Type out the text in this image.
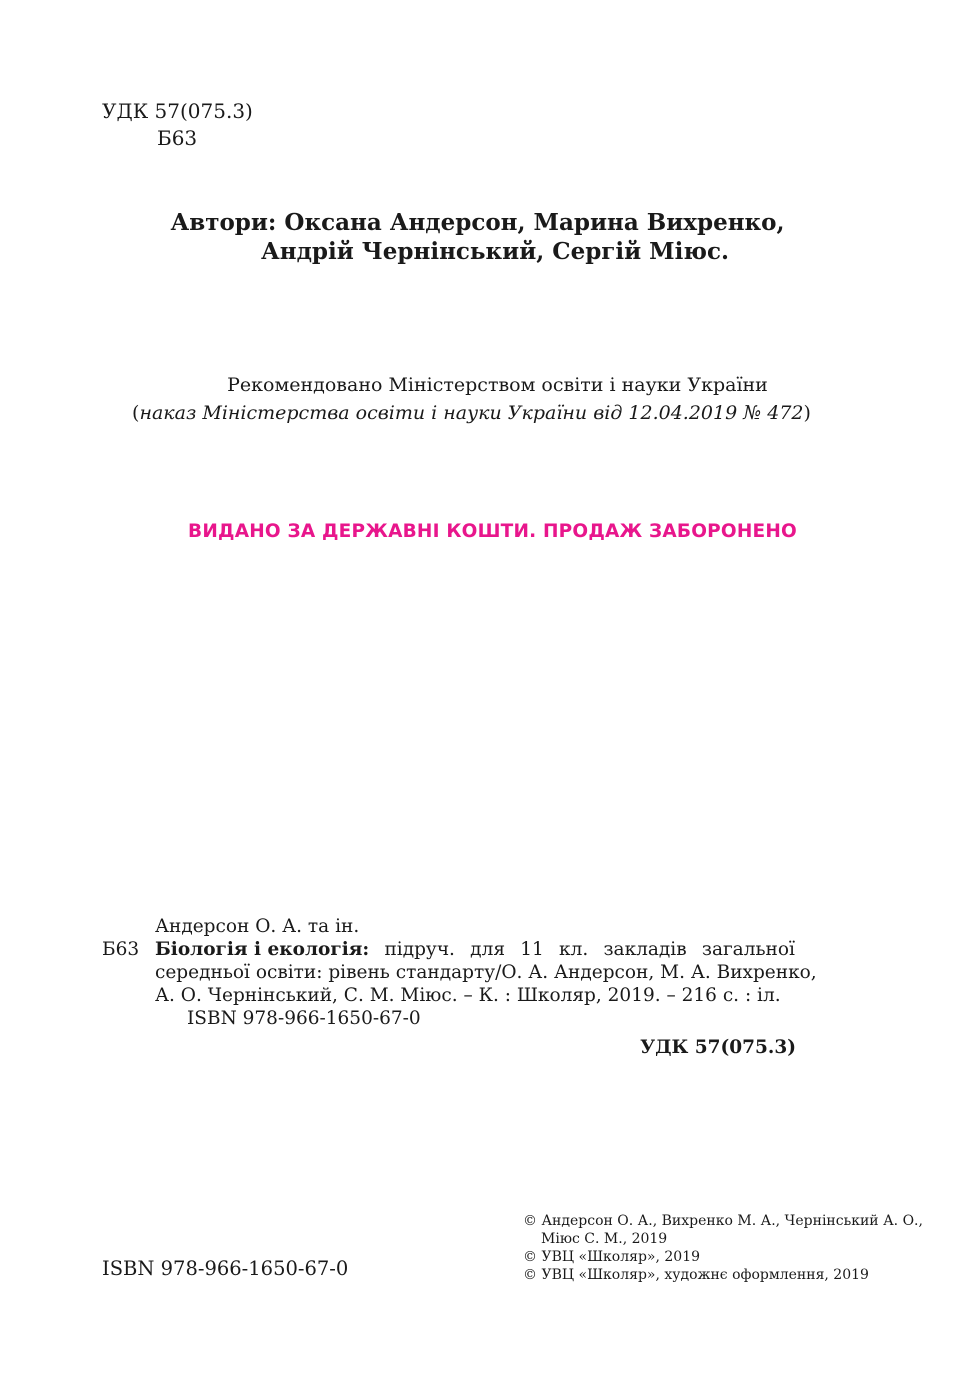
УДК 57(075.3)
Б63
Автори: Оксана Андерсон, Марина Вихренко,
Андрій Чернінський, Сергій Міюс.
Рекомендовано Міністерством освіти і науки України
(наказ Міністерства освіти і науки України від 12.04.2019 № 472)
ВИДАНО ЗА ДЕРЖАВНІ КОШТИ. ПРОДАЖ ЗАБОРОНЕНО
Андерсон О. А. та ін.
Б63 Біологія і екологія: підруч. для 11 кл. закладів загальної
середньої освіти: рівень стандарту/О. А. Андерсон, М. А. Вихренко,
А. О. Чернінський, С. М. Міюс. – К. : Школяр, 2019. – 216 с. : іл.
ISBN 978-966-1650-67-0
УДК 57(075.3)
ISBN 978-966-1650-67-0
© Андерсон О. А., Вихренко М. А., Чернінський А. О.,
Міюс С. М., 2019
© УВЦ «Школяр», 2019
© УВЦ «Школяр», художнє оформлення, 2019
